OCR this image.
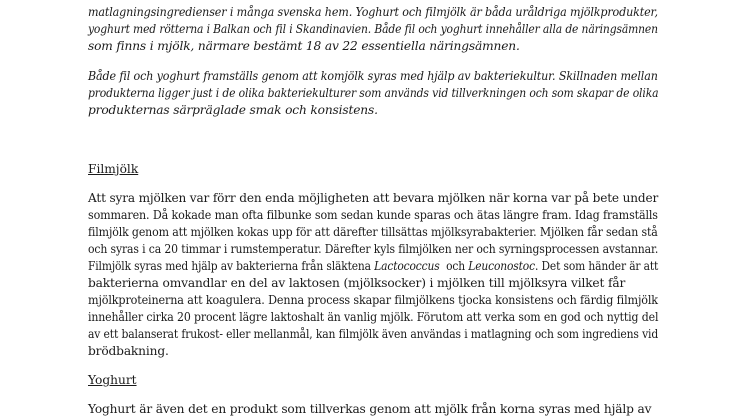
matlagningsingredienser i många svenska hem. Yoghurt och filmjölk är båda uråldriga mjölkprodukter,
yoghurt med rötterna i Balkan och fil i Skandinavien. Både fil och yoghurt innehåller alla de näringsämnen
som finns i mjölk, närmare bestämt 18 av 22 essentiella näringsämnen.
Både fil och yoghurt framställs genom att komjölk syras med hjälp av bakteriekultur. Skillnaden mellan
produkterna ligger just i de olika bakteriekulturer som används vid tillverkningen och som skapar de olika
produkternas särpräglade smak och konsistens.
Filmjölk
Att syra mjölken var förr den enda möjligheten att bevara mjölken när korna var på bete under
sommaren. Då kokade man ofta filbunke som sedan kunde sparas och ätas längre fram. Idag framställs
filmjölk genom att mjölken kokas upp för att därefter tillsättas mjölksyrabakterier. Mjölken får sedan stå
och syras i ca 20 timmar i rumstemperatur. Därefter kyls filmjölken ner och syrningsprocessen avstannar.
Filmjölk syras med hjälp av bakterierna från släktena Lactococcus  och Leuconostoc. Det som händer är att
bakterierna omvandlar en del av laktosen (mjölksocker) i mjölken till mjölksyra vilket får
mjölkproteinerna att koagulera. Denna process skapar filmjölkens tjocka konsistens och färdig filmjölk
innehåller cirka 20 procent lägre laktoshalt än vanlig mjölk. Förutom att verka som en god och nyttig del
av ett balanserat frukost- eller mellanmål, kan filmjölk även användas i matlagning och som ingrediens vid
brödbakning.
Yoghurt
Yoghurt är även det en produkt som tillverkas genom att mjölk från korna syras med hjälp av
